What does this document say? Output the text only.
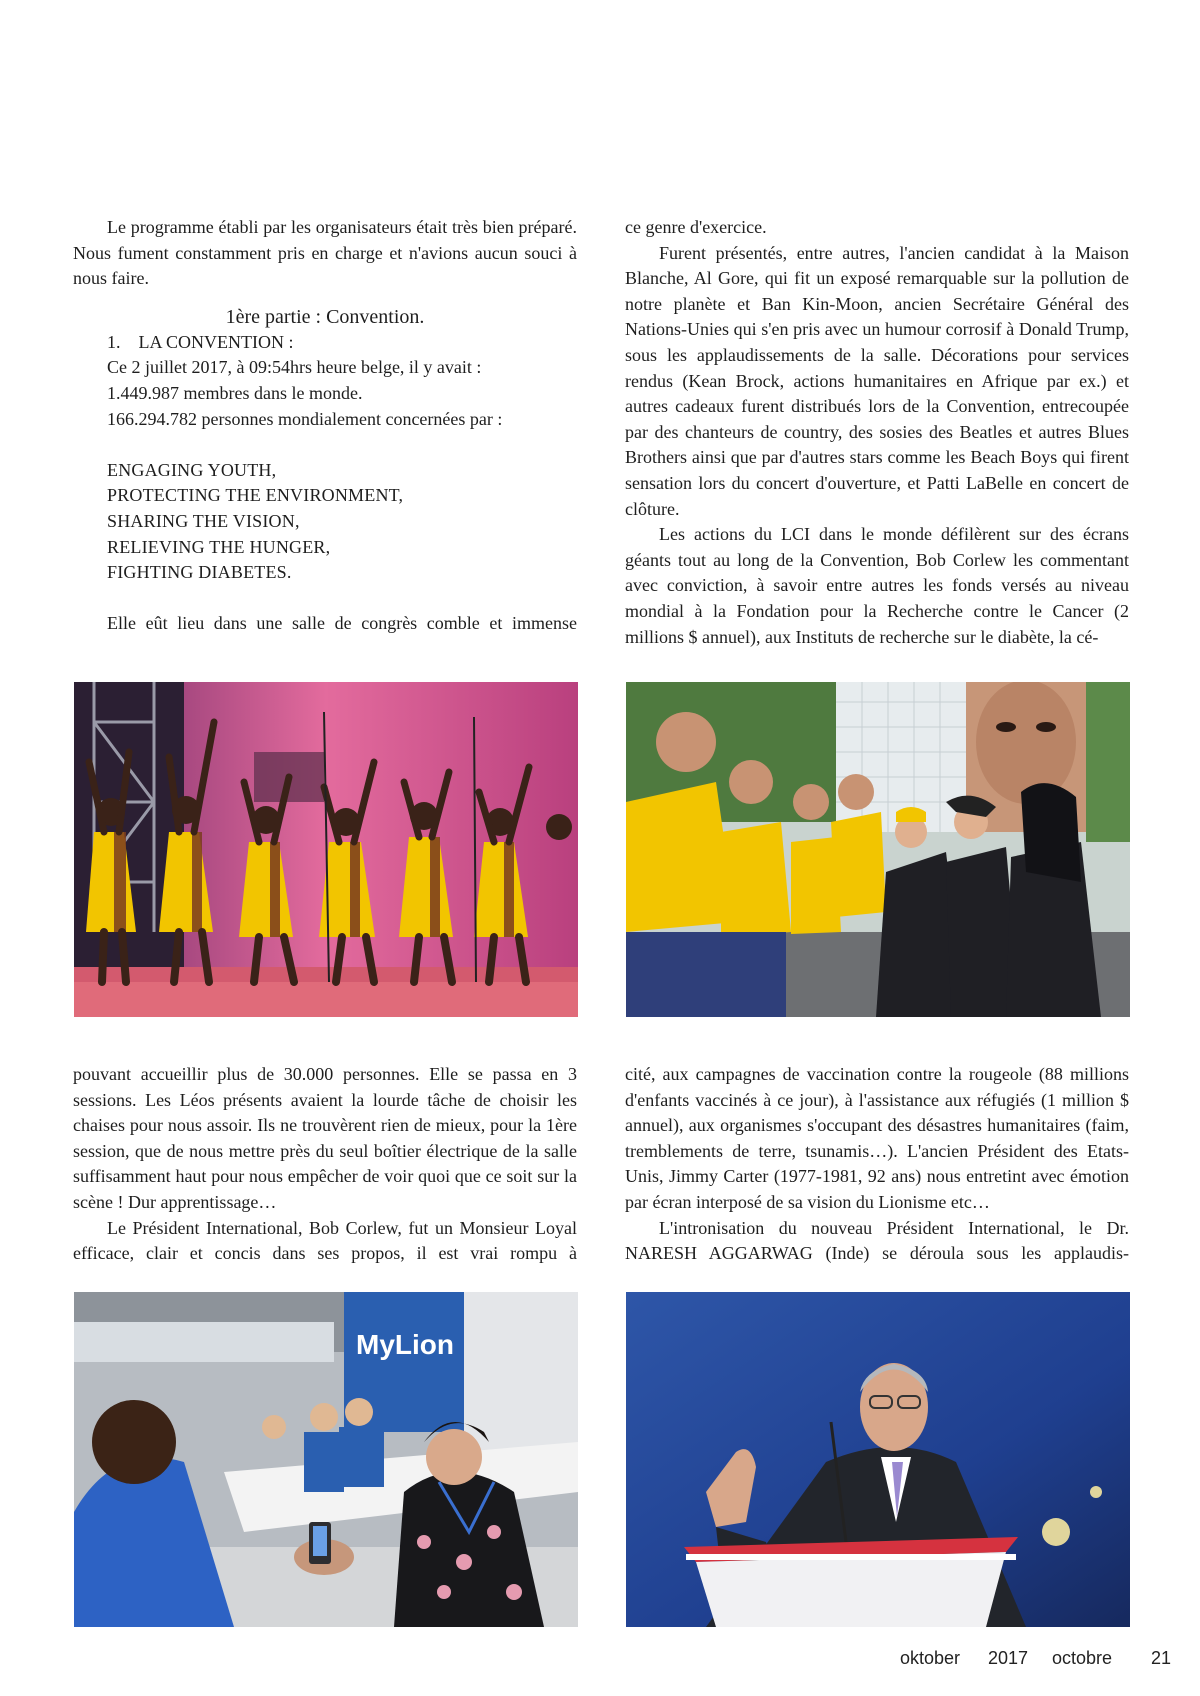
Le programme établi par les organisateurs était très bien préparé. Nous fument constamment pris en charge et n'avions aucun souci à nous faire.

1ère partie : Convention.

1. LA CONVENTION :

Ce 2 juillet 2017, à 09:54hrs heure belge, il y avait :

1.449.987 membres dans le monde.

166.294.782 personnes mondialement concernées par :

ENGAGING YOUTH,

PROTECTING THE ENVIRONMENT,

SHARING THE VISION,

RELIEVING THE HUNGER,

FIGHTING DIABETES.

Elle eût lieu dans une salle de congrès comble et immense

ce genre d'exercice.

Furent présentés, entre autres, l'ancien candidat à la Maison Blanche, Al Gore, qui fit un exposé remarquable sur la pollution de notre planète et Ban Kin-Moon, ancien Secrétaire Général des Nations-Unies qui s'en pris avec un humour corrosif à Donald Trump, sous les applaudissements de la salle. Décorations pour services rendus (Kean Brock, actions humanitaires en Afrique par ex.) et autres cadeaux furent distribués lors de la Convention, entrecoupée par des chanteurs de country, des sosies des Beatles et autres Blues Brothers ainsi que par d'autres stars comme les Beach Boys qui firent sensation lors du concert d'ouverture, et Patti LaBelle en concert de clôture.

Les actions du LCI dans le monde défilèrent sur des écrans géants tout au long de la Convention, Bob Corlew les commentant avec conviction, à savoir entre autres les fonds versés au niveau mondial à la Fondation pour la Recherche contre le Cancer (2 millions $ annuel), aux Instituts de recherche sur le diabète, la cé-

pouvant accueillir plus de 30.000 personnes. Elle se passa en 3 sessions. Les Léos présents avaient la lourde tâche de choisir les chaises pour nous assoir. Ils ne trouvèrent rien de mieux, pour la 1ère session, que de nous mettre près du seul boîtier électrique de la salle suffisamment haut pour nous empêcher de voir quoi que ce soit sur la scène ! Dur apprentissage…

Le Président International, Bob Corlew, fut un Monsieur Loyal efficace, clair et concis dans ses propos, il est vrai rompu à

cité, aux campagnes de vaccination contre la rougeole (88 millions d'enfants vaccinés à ce jour), à l'assistance aux réfugiés (1 million $ annuel), aux organismes s'occupant des désastres humanitaires (faim, tremblements de terre, tsunamis…). L'ancien Président des Etats-Unis, Jimmy Carter (1977-1981, 92 ans) nous entretint avec émotion par écran interposé de sa vision du Lionisme etc…

L'intronisation du nouveau Président International, le Dr. NARESH AGGARWAG (Inde) se déroula sous les applaudis-

MyLion
oktober 2017 octobre 21
